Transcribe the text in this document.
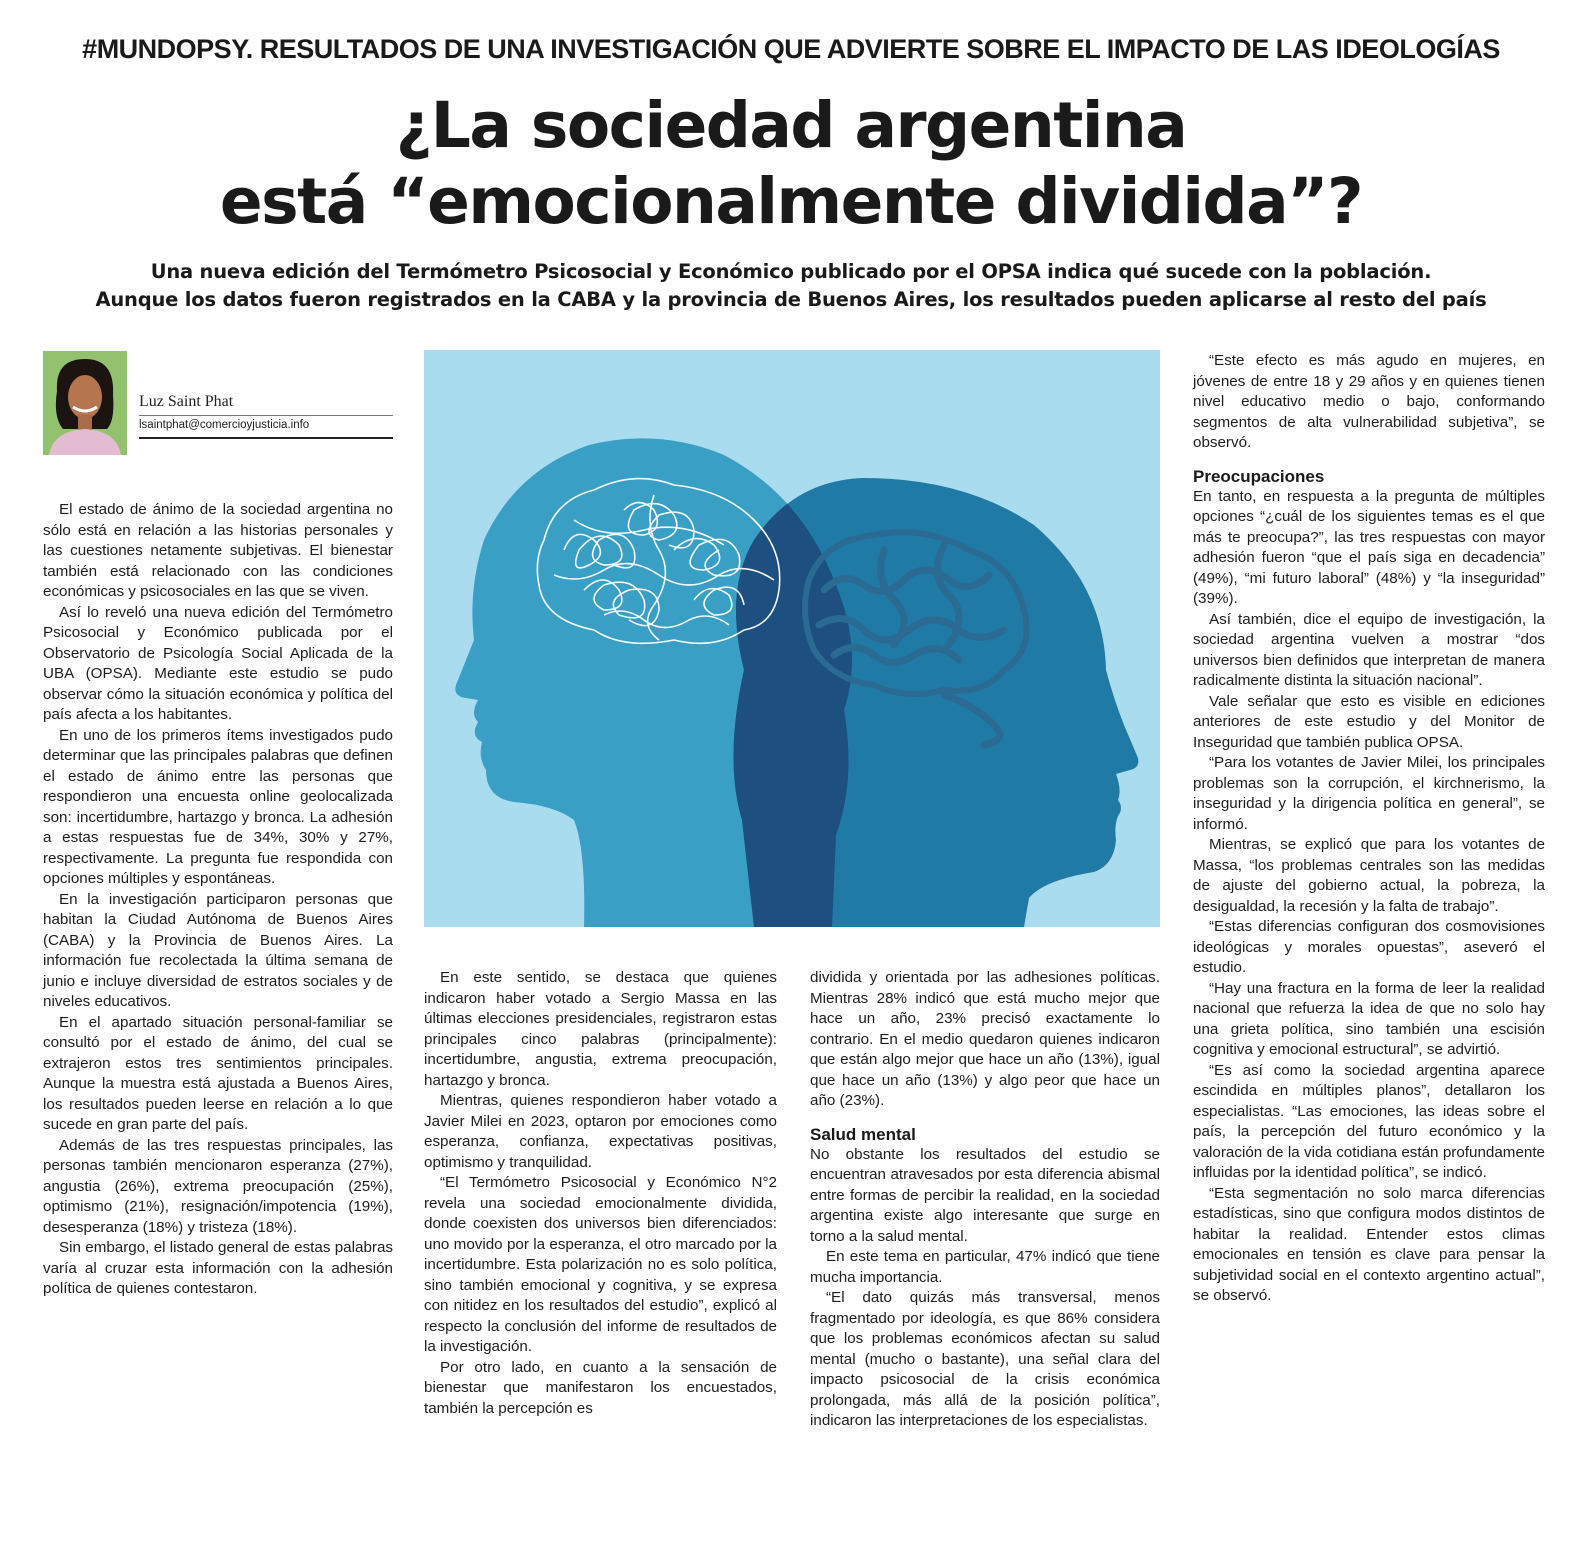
#MUNDOPSY. RESULTADOS DE UNA INVESTIGACIÓN QUE ADVIERTE SOBRE EL IMPACTO DE LAS IDEOLOGÍAS
¿La sociedad argentina
está “emocionalmente dividida”?
Una nueva edición del Termómetro Psicosocial y Económico publicado por el OPSA indica qué sucede con la población.
Aunque los datos fueron registrados en la CABA y la provincia de Buenos Aires, los resultados pueden aplicarse al resto del país
Luz Saint Phat
lsaintphat@comercioyjusticia.info

El estado de ánimo de la sociedad argentina no sólo está en relación a las historias personales y las cuestiones netamente subjetivas. El bienestar también está relacionado con las condiciones económicas y psicosociales en las que se viven.

Así lo reveló una nueva edición del Termómetro Psicosocial y Económico publicada por el Observatorio de Psicología Social Aplicada de la UBA (OPSA). Mediante este estudio se pudo observar cómo la situación económica y política del país afecta a los habitantes.

En uno de los primeros ítems investigados pudo determinar que las principales palabras que definen el estado de ánimo entre las personas que respondieron una encuesta online geolocalizada son: incertidumbre, hartazgo y bronca. La adhesión a estas respuestas fue de 34%, 30% y 27%, respectivamente. La pregunta fue respondida con opciones múltiples y espontáneas.

En la investigación participaron personas que habitan la Ciudad Autónoma de Buenos Aires (CABA) y la Provincia de Buenos Aires. La información fue recolectada la última semana de junio e incluye diversidad de estratos sociales y de niveles educativos.

En el apartado situación personal-familiar se consultó por el estado de ánimo, del cual se extrajeron estos tres sentimientos principales. Aunque la muestra está ajustada a Buenos Aires, los resultados pueden leerse en relación a lo que sucede en gran parte del país.

Además de las tres respuestas principales, las personas también mencionaron esperanza (27%), angustia (26%), extrema preocupación (25%), optimismo (21%), resignación/impotencia (19%), desesperanza (18%) y tristeza (18%).

Sin embargo, el listado general de estas palabras varía al cruzar esta información con la adhesión política de quienes contestaron.

En este sentido, se destaca que quienes indicaron haber votado a Sergio Massa en las últimas elecciones presidenciales, registraron estas principales cinco palabras (principalmente): incertidumbre, angustia, extrema preocupación, hartazgo y bronca.

Mientras, quienes respondieron haber votado a Javier Milei en 2023, optaron por emociones como esperanza, confianza, expectativas positivas, optimismo y tranquilidad.

“El Termómetro Psicosocial y Económico N°2 revela una sociedad emocionalmente dividida, donde coexisten dos universos bien diferenciados: uno movido por la esperanza, el otro marcado por la incertidumbre. Esta polarización no es solo política, sino también emocional y cognitiva, y se expresa con nitidez en los resultados del estudio”, explicó al respecto la conclusión del informe de resultados de la investigación.

Por otro lado, en cuanto a la sensación de bienestar que manifestaron los encuestados, también la percepción es

dividida y orientada por las adhesiones políticas. Mientras 28% indicó que está mucho mejor que hace un año, 23% precisó exactamente lo contrario. En el medio quedaron quienes indicaron que están algo mejor que hace un año (13%), igual que hace un año (13%) y algo peor que hace un año (23%).

Salud mental

No obstante los resultados del estudio se encuentran atravesados por esta diferencia abismal entre formas de percibir la realidad, en la sociedad argentina existe algo interesante que surge en torno a la salud mental.

En este tema en particular, 47% indicó que tiene mucha importancia.

“El dato quizás más transversal, menos fragmentado por ideología, es que 86% considera que los problemas económicos afectan su salud mental (mucho o bastante), una señal clara del impacto psicosocial de la crisis económica prolongada, más allá de la posición política”, indicaron las interpretaciones de los especialistas.

“Este efecto es más agudo en mujeres, en jóvenes de entre 18 y 29 años y en quienes tienen nivel educativo medio o bajo, conformando segmentos de alta vulnerabilidad subjetiva”, se observó.

Preocupaciones

En tanto, en respuesta a la pregunta de múltiples opciones “¿cuál de los siguientes temas es el que más te preocupa?”, las tres respuestas con mayor adhesión fueron “que el país siga en decadencia” (49%), “mi futuro laboral” (48%) y “la inseguridad” (39%).

Así también, dice el equipo de investigación, la sociedad argentina vuelven a mostrar “dos universos bien definidos que interpretan de manera radicalmente distinta la situación nacional”.

Vale señalar que esto es visible en ediciones anteriores de este estudio y del Monitor de Inseguridad que también publica OPSA.

“Para los votantes de Javier Milei, los principales problemas son la corrupción, el kirchnerismo, la inseguridad y la dirigencia política en general”, se informó.

Mientras, se explicó que para los votantes de Massa, “los problemas centrales son las medidas de ajuste del gobierno actual, la pobreza, la desigualdad, la recesión y la falta de trabajo”.

“Estas diferencias configuran dos cosmovisiones ideológicas y morales opuestas”, aseveró el estudio.

“Hay una fractura en la forma de leer la realidad nacional que refuerza la idea de que no solo hay una grieta política, sino también una escisión cognitiva y emocional estructural”, se advirtió.

“Es así como la sociedad argentina aparece escindida en múltiples planos”, detallaron los especialistas. “Las emociones, las ideas sobre el país, la percepción del futuro económico y la valoración de la vida cotidiana están profundamente influidas por la identidad política”, se indicó.

“Esta segmentación no solo marca diferencias estadísticas, sino que configura modos distintos de habitar la realidad. Entender estos climas emocionales en tensión es clave para pensar la subjetividad social en el contexto argentino actual”, se observó.
